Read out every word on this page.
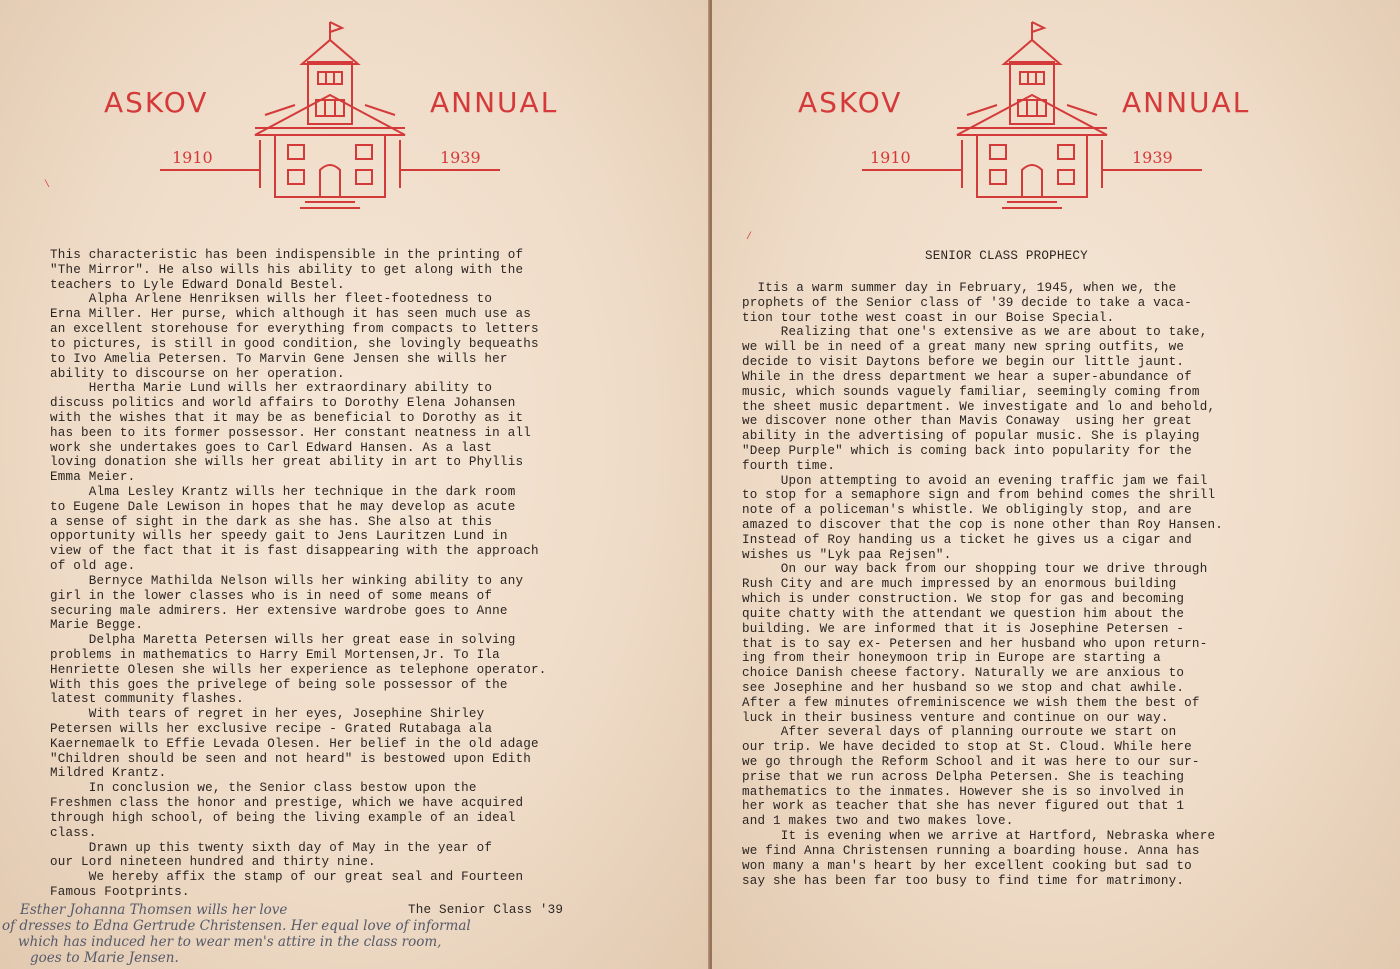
ASKOV	ANNUAL
1910	1939
\
This characteristic has been indispensible in the printing of
"The Mirror". He also wills his ability to get along with the
teachers to Lyle Edward Donald Bestel.
Alpha Arlene Henriksen wills her fleet-footedness to
Erna Miller. Her purse, which although it has seen much use as
an excellent storehouse for everything from compacts to letters
to pictures, is still in good condition, she lovingly bequeaths
to Ivo Amelia Petersen. To Marvin Gene Jensen she wills her
ability to discourse on her operation.
Hertha Marie Lund wills her extraordinary ability to
discuss politics and world affairs to Dorothy Elena Johansen
with the wishes that it may be as beneficial to Dorothy as it
has been to its former possessor. Her constant neatness in all
work she undertakes goes to Carl Edward Hansen. As a last
loving donation she wills her great ability in art to Phyllis
Emma Meier.
Alma Lesley Krantz wills her technique in the dark room
to Eugene Dale Lewison in hopes that he may develop as acute
a sense of sight in the dark as she has. She also at this
opportunity wills her speedy gait to Jens Lauritzen Lund in
view of the fact that it is fast disappearing with the approach
of old age.
Bernyce Mathilda Nelson wills her winking ability to any
girl in the lower classes who is in need of some means of
securing male admirers. Her extensive wardrobe goes to Anne
Marie Begge.
Delpha Maretta Petersen wills her great ease in solving
problems in mathematics to Harry Emil Mortensen,Jr. To Ila
Henriette Olesen she wills her experience as telephone operator.
With this goes the privelege of being sole possessor of the
latest community flashes.
With tears of regret in her eyes, Josephine Shirley
Petersen wills her exclusive recipe - Grated Rutabaga ala
Kaernemaelk to Effie Levada Olesen. Her belief in the old adage
"Children should be seen and not heard" is bestowed upon Edith
Mildred Krantz.
In conclusion we, the Senior class bestow upon the
Freshmen class the honor and prestige, which we have acquired
through high school, of being the living example of an ideal
class.
Drawn up this twenty sixth day of May in the year of
our Lord nineteen hundred and thirty nine.
We hereby affix the stamp of our great seal and Fourteen
Famous Footprints.
The Senior Class '39
Esther Johanna Thomsen wills her love
of dresses to Edna Gertrude Christensen. Her equal love of informal
which has induced her to wear men's attire in the class room,
goes to Marie Jensen.
ASKOV	ANNUAL
1910	1939
/
SENIOR CLASS PROPHECY
Itis a warm summer day in February, 1945, when we, the
prophets of the Senior class of '39 decide to take a vaca-
tion tour tothe west coast in our Boise Special.
Realizing that one's extensive as we are about to take,
we will be in need of a great many new spring outfits, we
decide to visit Daytons before we begin our little jaunt.
While in the dress department we hear a super-abundance of
music, which sounds vaguely familiar, seemingly coming from
the sheet music department. We investigate and lo and behold,
we discover none other than Mavis Conaway  using her great
ability in the advertising of popular music. She is playing
"Deep Purple" which is coming back into popularity for the
fourth time.
Upon attempting to avoid an evening traffic jam we fail
to stop for a semaphore sign and from behind comes the shrill
note of a policeman's whistle. We obligingly stop, and are
amazed to discover that the cop is none other than Roy Hansen.
Instead of Roy handing us a ticket he gives us a cigar and
wishes us "Lyk paa Rejsen".
On our way back from our shopping tour we drive through
Rush City and are much impressed by an enormous building
which is under construction. We stop for gas and becoming
quite chatty with the attendant we question him about the
building. We are informed that it is Josephine Petersen -
that is to say ex- Petersen and her husband who upon return-
ing from their honeymoon trip in Europe are starting a
choice Danish cheese factory. Naturally we are anxious to
see Josephine and her husband so we stop and chat awhile.
After a few minutes ofreminiscence we wish them the best of
luck in their business venture and continue on our way.
After several days of planning ourroute we start on
our trip. We have decided to stop at St. Cloud. While here
we go through the Reform School and it was here to our sur-
prise that we run across Delpha Petersen. She is teaching
mathematics to the inmates. However she is so involved in
her work as teacher that she has never figured out that 1
and 1 makes two and two makes love.
It is evening when we arrive at Hartford, Nebraska where
we find Anna Christensen running a boarding house. Anna has
won many a man's heart by her excellent cooking but sad to
say she has been far too busy to find time for matrimony.
